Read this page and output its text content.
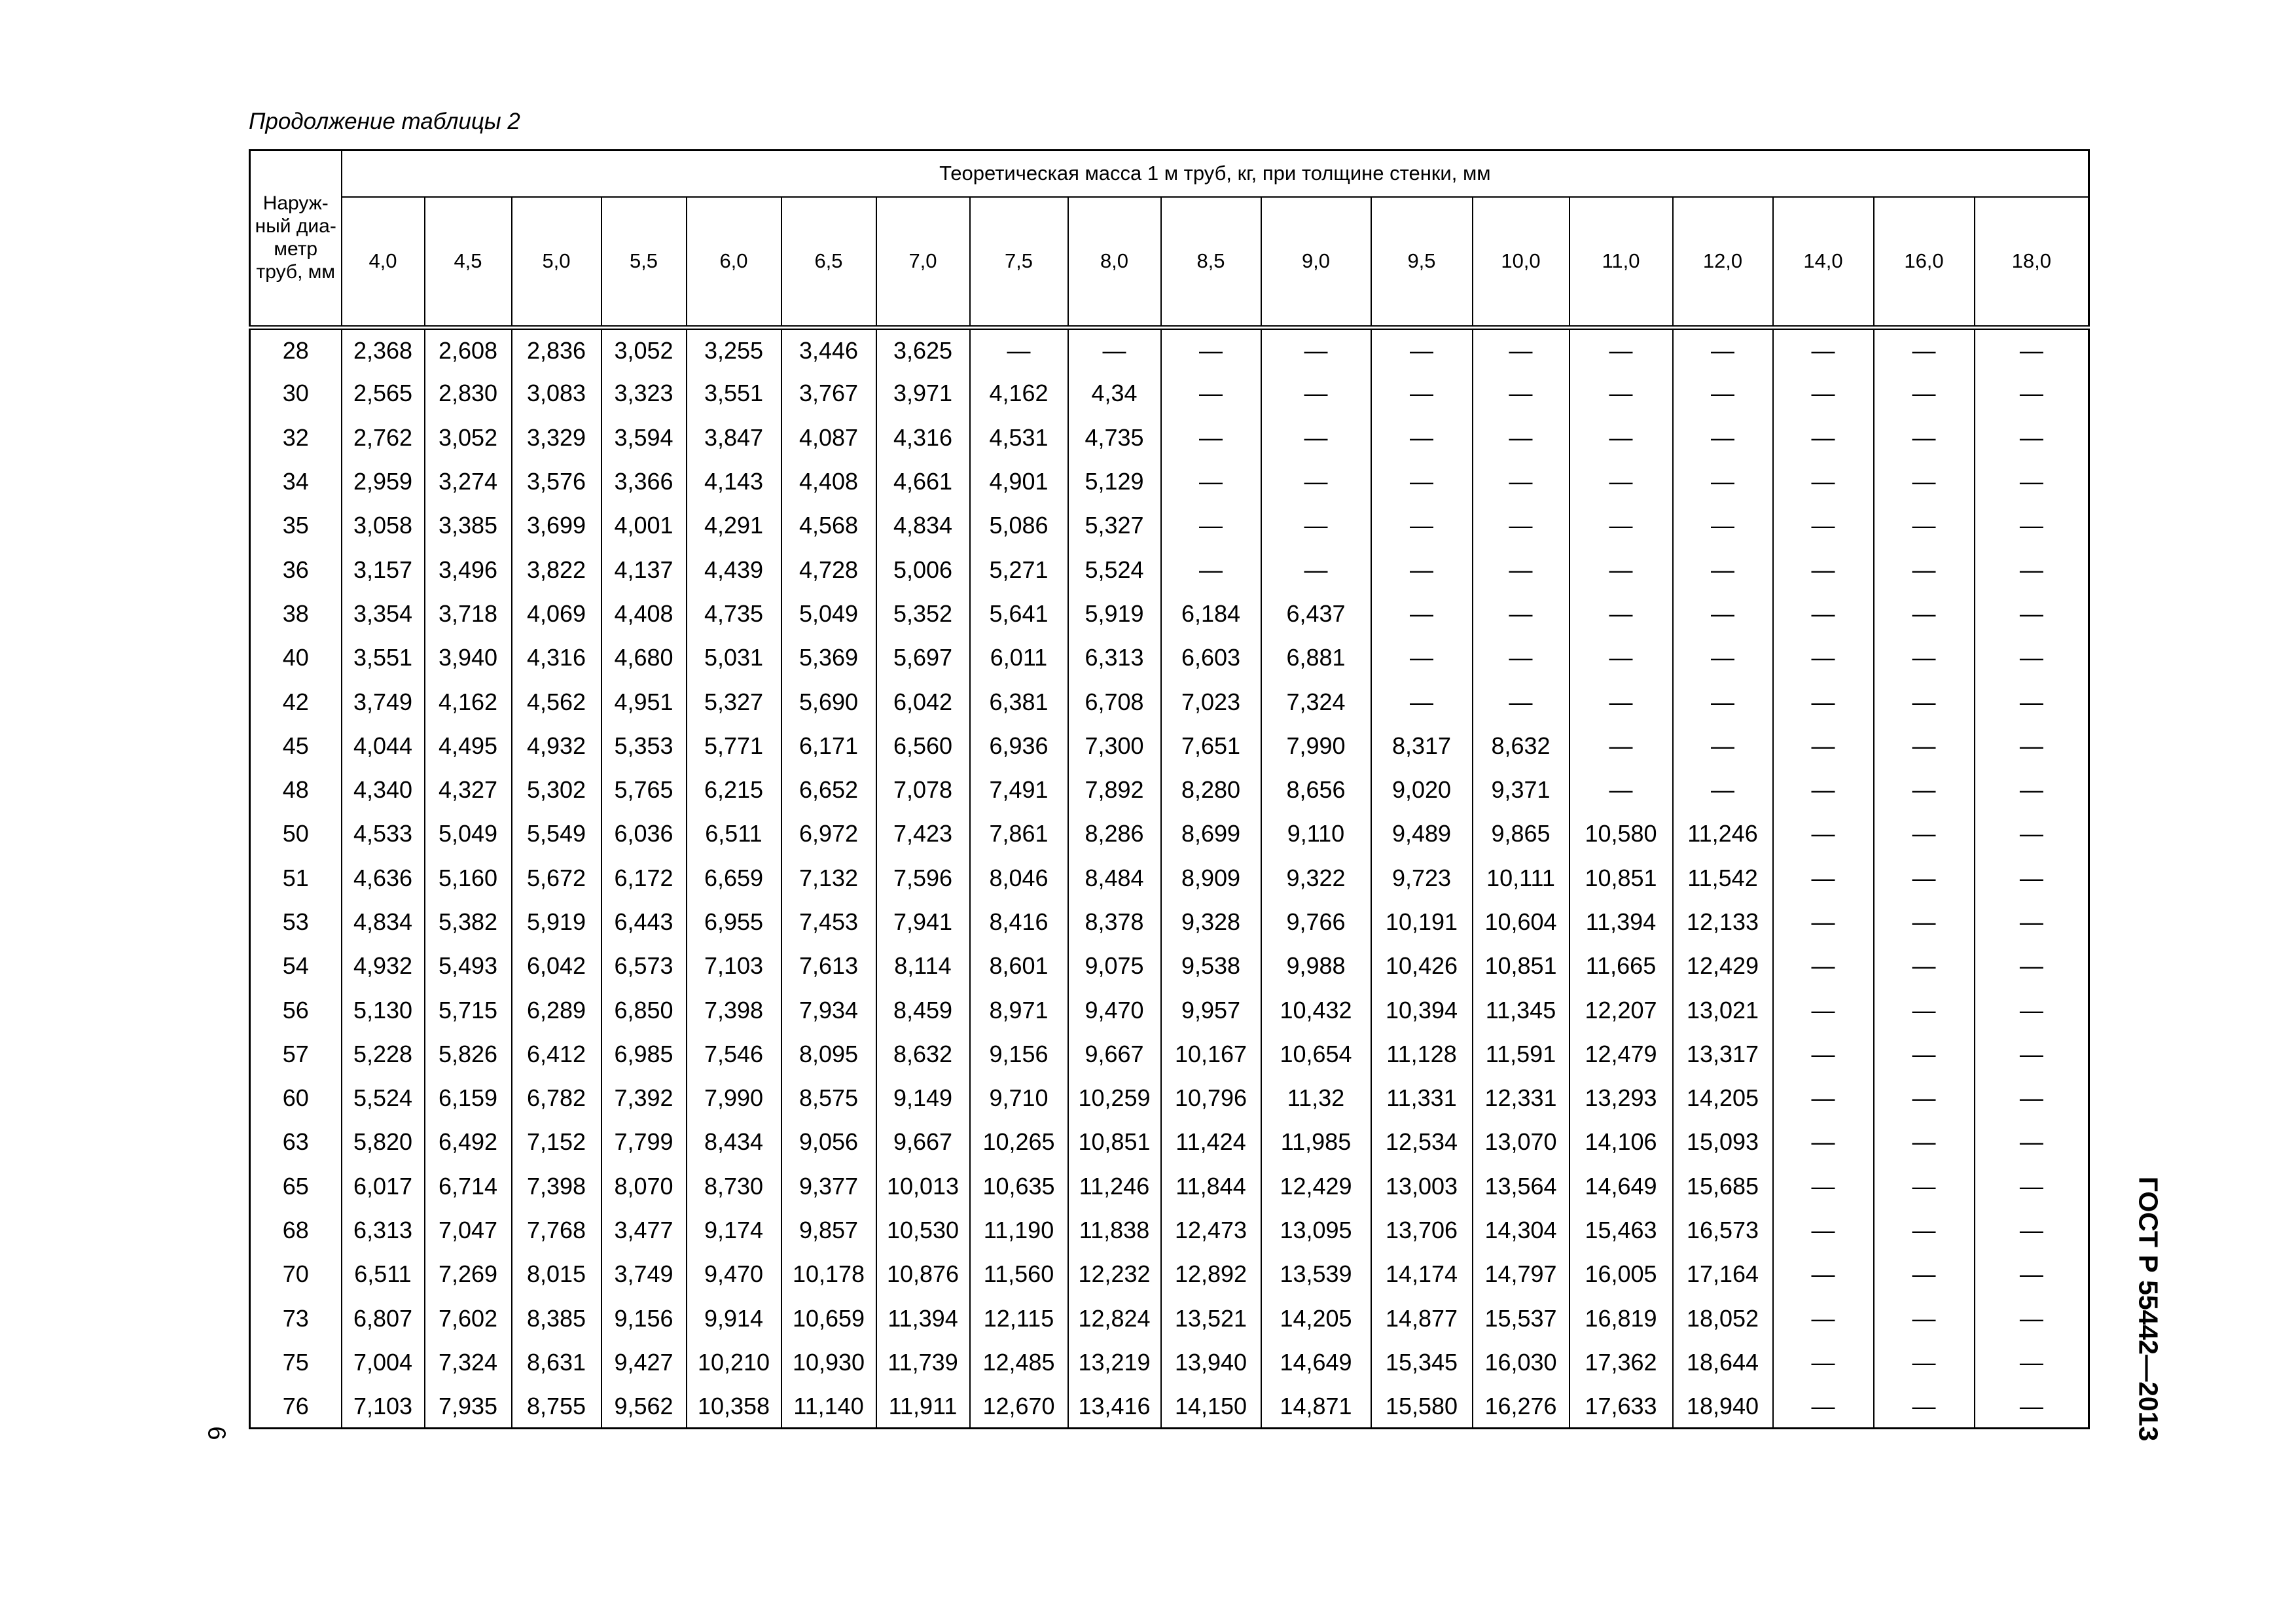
Продолжение таблицы 2
Наруж-ный диа-метр труб, мм	Теоретическая масса 1 м труб, кг, при толщине стенки, мм																	
	4,0	4,5	5,0	5,5	6,0	6,5	7,0	7,5	8,0	8,5	9,0	9,5	10,0	11,0	12,0	14,0	16,0	18,0
28	2,368	2,608	2,836	3,052	3,255	3,446	3,625	—	—	—	—	—	—	—	—	—	—	—
30	2,565	2,830	3,083	3,323	3,551	3,767	3,971	4,162	4,34	—	—	—	—	—	—	—	—	—
32	2,762	3,052	3,329	3,594	3,847	4,087	4,316	4,531	4,735	—	—	—	—	—	—	—	—	—
34	2,959	3,274	3,576	3,366	4,143	4,408	4,661	4,901	5,129	—	—	—	—	—	—	—	—	—
35	3,058	3,385	3,699	4,001	4,291	4,568	4,834	5,086	5,327	—	—	—	—	—	—	—	—	—
36	3,157	3,496	3,822	4,137	4,439	4,728	5,006	5,271	5,524	—	—	—	—	—	—	—	—	—
38	3,354	3,718	4,069	4,408	4,735	5,049	5,352	5,641	5,919	6,184	6,437	—	—	—	—	—	—	—
40	3,551	3,940	4,316	4,680	5,031	5,369	5,697	6,011	6,313	6,603	6,881	—	—	—	—	—	—	—
42	3,749	4,162	4,562	4,951	5,327	5,690	6,042	6,381	6,708	7,023	7,324	—	—	—	—	—	—	—
45	4,044	4,495	4,932	5,353	5,771	6,171	6,560	6,936	7,300	7,651	7,990	8,317	8,632	—	—	—	—	—
48	4,340	4,327	5,302	5,765	6,215	6,652	7,078	7,491	7,892	8,280	8,656	9,020	9,371	—	—	—	—	—
50	4,533	5,049	5,549	6,036	6,511	6,972	7,423	7,861	8,286	8,699	9,110	9,489	9,865	10,580	11,246	—	—	—
51	4,636	5,160	5,672	6,172	6,659	7,132	7,596	8,046	8,484	8,909	9,322	9,723	10,111	10,851	11,542	—	—	—
53	4,834	5,382	5,919	6,443	6,955	7,453	7,941	8,416	8,378	9,328	9,766	10,191	10,604	11,394	12,133	—	—	—
54	4,932	5,493	6,042	6,573	7,103	7,613	8,114	8,601	9,075	9,538	9,988	10,426	10,851	11,665	12,429	—	—	—
56	5,130	5,715	6,289	6,850	7,398	7,934	8,459	8,971	9,470	9,957	10,432	10,394	11,345	12,207	13,021	—	—	—
57	5,228	5,826	6,412	6,985	7,546	8,095	8,632	9,156	9,667	10,167	10,654	11,128	11,591	12,479	13,317	—	—	—
60	5,524	6,159	6,782	7,392	7,990	8,575	9,149	9,710	10,259	10,796	11,32	11,331	12,331	13,293	14,205	—	—	—
63	5,820	6,492	7,152	7,799	8,434	9,056	9,667	10,265	10,851	11,424	11,985	12,534	13,070	14,106	15,093	—	—	—
65	6,017	6,714	7,398	8,070	8,730	9,377	10,013	10,635	11,246	11,844	12,429	13,003	13,564	14,649	15,685	—	—	—
68	6,313	7,047	7,768	3,477	9,174	9,857	10,530	11,190	11,838	12,473	13,095	13,706	14,304	15,463	16,573	—	—	—
70	6,511	7,269	8,015	3,749	9,470	10,178	10,876	11,560	12,232	12,892	13,539	14,174	14,797	16,005	17,164	—	—	—
73	6,807	7,602	8,385	9,156	9,914	10,659	11,394	12,115	12,824	13,521	14,205	14,877	15,537	16,819	18,052	—	—	—
75	7,004	7,324	8,631	9,427	10,210	10,930	11,739	12,485	13,219	13,940	14,649	15,345	16,030	17,362	18,644	—	—	—
76	7,103	7,935	8,755	9,562	10,358	11,140	11,911	12,670	13,416	14,150	14,871	15,580	16,276	17,633	18,940	—	—	—	ГОСТ Р 55442—2013
6
